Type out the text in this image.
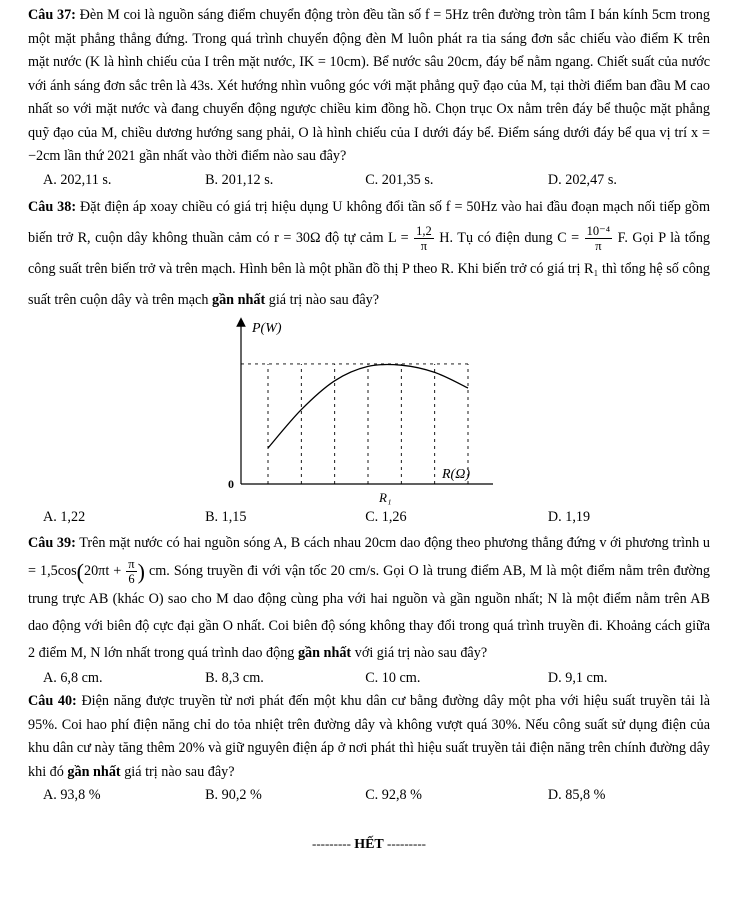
Câu 37: Đèn M coi là nguồn sáng điểm chuyển động tròn đều tần số f = 5Hz trên đường tròn tâm I bán kính 5cm trong một mặt phẳng thẳng đứng. Trong quá trình chuyển động đèn M luôn phát ra tia sáng đơn sắc chiếu vào điểm K trên mặt nước (K là hình chiếu của I trên mặt nước, IK = 10cm). Bể nước sâu 20cm, đáy bể nằm ngang. Chiết suất của nước với ánh sáng đơn sắc trên là 43s. Xét hướng nhìn vuông góc với mặt phẳng quỹ đạo của M, tại thời điểm ban đầu M cao nhất so với mặt nước và đang chuyển động ngược chiều kim đồng hồ. Chọn trục Ox nằm trên đáy bể thuộc mặt phẳng quỹ đạo của M, chiều dương hướng sang phải, O là hình chiếu của I dưới đáy bể. Điểm sáng dưới đáy bể qua vị trí x = −2cm lần thứ 2021 gần nhất vào thời điểm nào sau đây?

A. 202,11 s.	B. 201,12 s.	C. 201,35 s.	D. 202,47 s.

Câu 38: Đặt điện áp xoay chiều có giá trị hiệu dụng U không đổi tần số f = 50Hz vào hai đầu đoạn mạch nối tiếp gồm biến trở R, cuộn dây không thuần cảm có r = 30Ω độ tự cảm $L = \frac{1,2}{\pi} H$. Tụ có điện dung $C = \frac{\text{10⁻⁴}}{\pi} F$. Gọi P là tổng công suất trên biến trở và trên mạch. Hình bên là một phần đồ thị P theo R. Khi biến trở có giá trị R₁ thì tổng hệ số công suất trên cuộn dây và trên mạch gần nhất giá trị nào sau đây?

P(W)
R(Ω)
0
R₁
A. 1,22	B. 1,15	C. 1,26	D. 1,19

Câu 39: Trên mặt nước có hai nguồn sóng A, B cách nhau 20cm dao động theo phương thẳng đứng v ới phương trình $u = 1,5\cos(20\pi t + \frac{\pi}{6}$ ) cm. Sóng truyền đi với vận tốc 20 cm/s. Gọi O là trung điểm AB, M là một điểm nằm trên đường trung trực AB (khác O) sao cho M dao động cùng pha với hai nguồn và gần nguồn nhất; N là một điểm nằm trên AB dao động với biên độ cực đại gần O nhất. Coi biên độ sóng không thay đổi trong quá trình truyền đi. Khoảng cách giữa 2 điểm M, N lớn nhất trong quá trình dao động gần nhất với giá trị nào sau đây?

A. 6,8 cm.	B. 8,3 cm.	C. 10 cm.	D. 9,1 cm.

Câu 40: Điện năng được truyền từ nơi phát đến một khu dân cư bằng đường dây một pha với hiệu suất truyền tải là 95%. Coi hao phí điện năng chỉ do tỏa nhiệt trên đường dây và không vượt quá 30%. Nếu công suất sử dụng điện của khu dân cư này tăng thêm 20% và giữ nguyên điện áp ở nơi phát thì hiệu suất truyền tải điện năng trên chính đường dây khi đó gần nhất giá trị nào sau đây?

A. 93,8 %	B. 90,2 %	C. 92,8 %	D. 85,8 %
--------- HẾT ---------
